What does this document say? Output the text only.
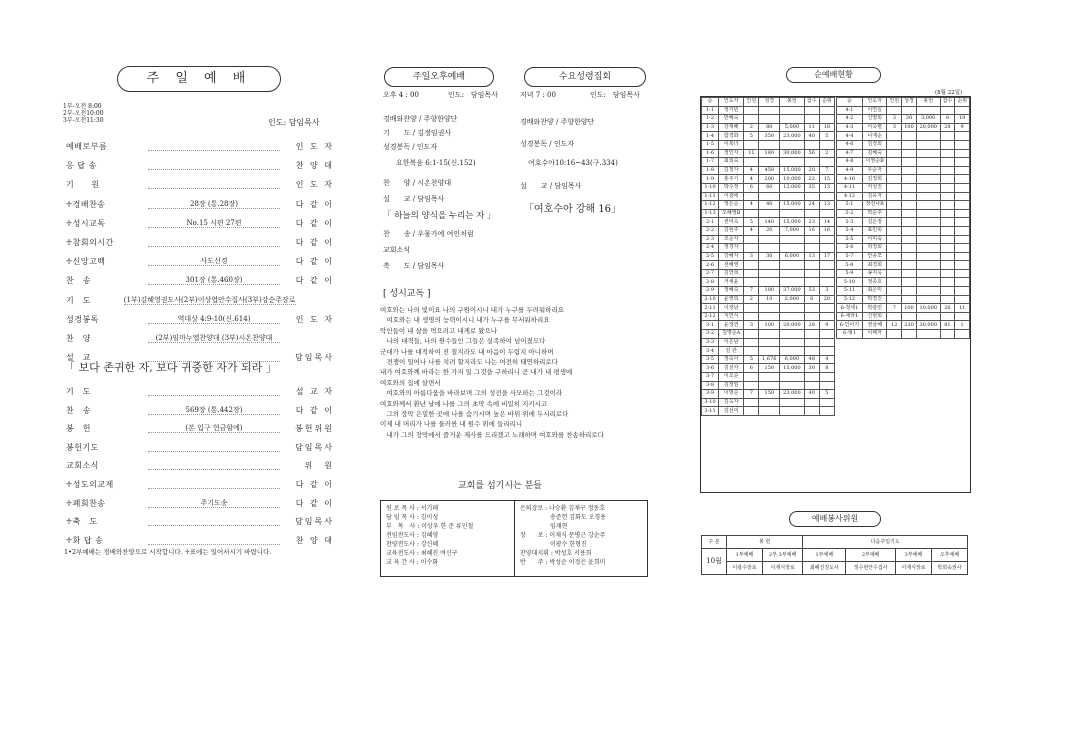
주 일 예 배
1부-오전 8:00
2부-오전10:00
3부-오전11:30	인도: 담임목사
예배로부름	인 도 자
응 답 송	찬 양 대
기　　원	인 도 자
♱경배찬송	28장 (통.28장)	다 같 이
♱성시교독	No.15 시편 27편	다 같 이
♱참회의시간	다 같 이
♱신앙고백	사도신경	다 같 이
찬　송	301장 (통.460장)	다 같 이
기　도	(1부)김혜영권도사(2부)이상엽안수집사(3부)강순주장로
성경봉독	역대상 4:9-10(신.614)	인 도 자
찬　양	(2부)임마누엘찬양대 (3부)시온찬양대
설　교	담임목사
「 보다 존귀한 자, 보다 귀중한 자가 되라 」
기　도	설 교 자
찬　송	569장 (통.442장)	다 같 이
봉　헌	(본 입구 헌금함에)	봉헌위원
봉헌기도	담임목사
교회소식	위　원
♱성도의교제	다 같 이
♱폐회찬송	주기도송	다 같 이
♱축　도	담임목사
♱화 답 송	찬 양 대
1•2부예배는 경배와찬양으로 시작합니다. ♱표에는 일어서시기 바랍니다.
주일오후예배
오후 4 : 00	인도:　담임목사
경배와찬양 / 주향한양단
기　　도 / 김정임권사
성경봉독 / 인도자
요한복음 6:1-15(신.152)
찬　　양 / 시온찬양대
설　　교 / 담임목사
「 하늘의 양식을 누리는 자 」
찬　　송 / 우물가에 여인처럼
교회소식
축　　도 / 담임목사
수요성령집회
저녁 7 : 00	인도:　담임목사
경배와찬양 / 주향한양단
성경봉독 / 인도자
여호수아10:16~43(구.334)
설　　교 / 담임목사
「여호수아 강해 16」
[ 성시교독 ]
여호와는 나의 빛이요 나의 구원이시니 내가 누구를 두려워하리요
　여호와는 내 생명의 능력이시니 내가 누구를 무서워하리요
악인들이 내 살을 먹으려고 내게로 왔으나
　나의 대적들, 나의 원수들인 그들은 실족하여 넘어졌도다
군대가 나를 대적하여 진 칠지라도 내 마음이 두렵지 아니하며
　전쟁이 일어나 나를 치려 할지라도 나는 여전히 태연하리로다
내가 여호와께 바라는 한 가지 일 그것을 구하리니 곧 내가 내 평생에
여호와의 집에 살면서
　여호와의 아름다움을 바라보며 그의 성전을 사모하는 그것이라
여호와께서 환난 날에 나를 그의 초막 속에 비밀히 지키시고
　그의 장막 은밀한 곳에 나를 숨기시며 높은 바위 위에 두시리로다
이제 내 머리가 나를 둘러싼 내 원수 위에 들리리니
　내가 그의 장막에서 즐거운 제사를 드리겠고 노래하며 여호와를 찬송하리로다
교회를 섬기시는 분들
원 로 목 사 : 서기태
담 임 목 사 : 김이성
부　목　사 : 이상우 한 준 류인철
전임전도사 : 김혜영
찬양전도사 : 강신혜
교육전도사 : 최혜진 여신구
교 육 간 사 : 이수화
은퇴장로 : 나승환 김재구 정동호
　　　　　송준헌 김화도 오경용
　　　　　임재현
장　　로 : 이재식 문병근 강순주
　　　　　이광수 한형진
찬양대지휘 : 박성호 서용희
반　　주 : 박성순 이정은 윤희미
순예배현황
(8월 22일)
순	인도자	인원	성경	봉헌	참수	순위
1-1	정기빈					
1-2	반혜숙					
1-3	강재혜	2	80	5,000	11	18
1-4	함경화	5	350	23,000	40	5
1-5	이복녀					
1-6	정인자	11	180	30,000	56	2
1-7	최희숙					
1-8	김정자	4	450	15,000	20	7
1-9	홍주기	4	200	10,000	22	15
1-10	박수정	6	60	12,000	35	13
1-11	이광애					
1-12	정은순	4	40	15,000	24	13
1-13	오혜영B					
2-1	권미옥	5	140	15,000	23	14
2-2	김현주	4	20	7,000	16	16
2-3	조순자					
2-4	정경자					
2-5	강혜자	3	30	6,000	13	17
2-6	전혜영					
2-7	김연희					
2-8	거세윤					
2-9	정혜숙	7	100	37,000	53	3
2-10	윤영희	2	10	2,000	6	20
2-11	이정남					
2-12	지연식					
3-1	윤정연	3	100	20,000	28	9
3-2	김영순A					
3-3	이은남					
3-4	김 란					
3-5	정숙이	5	1,676	6,000	48	4
3-6	김선자	6	150	15,000	30	8
3-7	이오순					
3-8	김정임					
3-9	이명순	7	150	23,000	40	5
3-10	김옥자					
3-11	김선미					
순	인도자	인원	성경	봉헌	참수	순위
4-1	이연실					
4-2	신영희	3	30	3,000	8	19
4-3	이옥렬	3	100	20,000	28	9
4-4	나재순					
4-6	김정희					
4-7	김혜숙					
4-8	이영순B					
4-9	우순자					
4-10	김정희					
4-11	서성진					
4-12	김유자					
5-1	정선나B					
5-2	박순주					
5-3	김은정					
5-4	표민희					
5-5	이미숙					
5-6	허정희					
5-7	안종모					
5-8	최경희					
5-9	송지옥					
5-10	정종호					
5-11	최은미					
5-12	박경진					
6-청세1	박광민	7	100	10,000	26	11
6-세라1	신현희					
6-인아기	권삼혜	12	230	30,000	81	1
6-형1	이해자					
예배봉사위원
구 분	봉 헌		다음주일기도			
10월	1부예배	2부,3부예배	1부예배	2부예배	3부예배	오후예배
	이광수장로	이재식장로	최혜진전도사	정수현안수집사	이재식장로	박희숙권사
